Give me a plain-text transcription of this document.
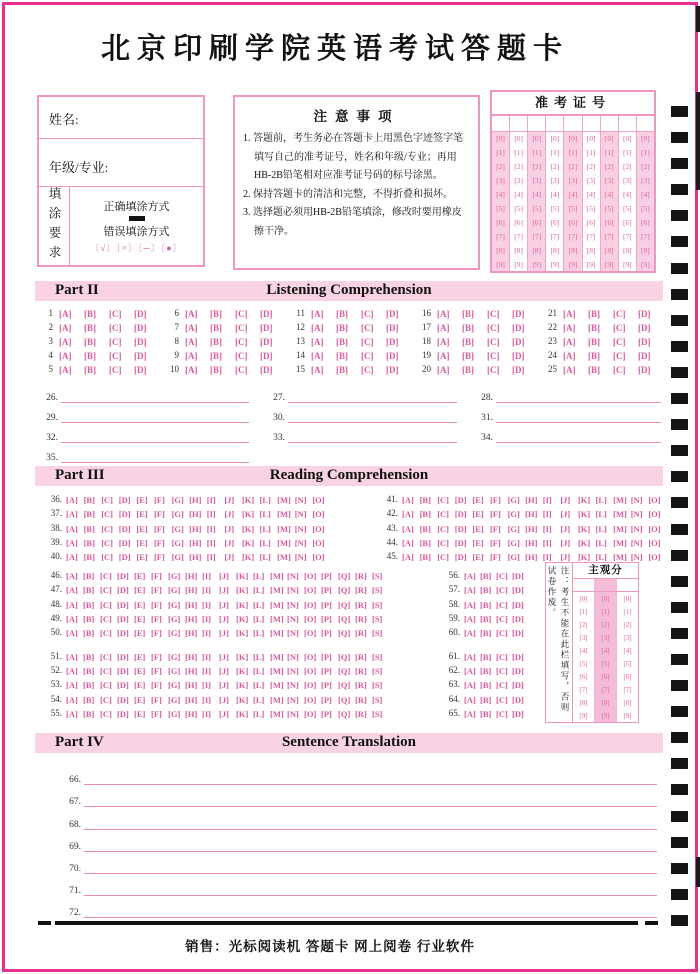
北京印刷学院英语考试答题卡
姓名:
年级/专业:
填涂要求	正确填涂方式
错误填涂方式
〔√〕〔×〕〔─〕〔●〕
注意事项
1. 答题前，考生务必在答题卡上用黑色字迹签字笔填写自己的准考证号，姓名和年级/专业；再用HB-2B铅笔相对应准考证号码的标号涂黑。
2. 保持答题卡的清洁和完整，不得折叠和损坏。
3. 选择题必须用HB-2B铅笔填涂，修改时要用橡皮擦干净。
准考证号
[0]	[0]	[0]	[0]	[0]	[0]	[0]	[0]	[0]
[1]	[1]	[1]	[1]	[1]	[1]	[1]	[1]	[1]
[2]	[2]	[2]	[2]	[2]	[2]	[2]	[2]	[2]
[3]	[3]	[3]	[3]	[3]	[3]	[3]	[3]	[3]
[4]	[4]	[4]	[4]	[4]	[4]	[4]	[4]	[4]
[5]	[5]	[5]	[5]	[5]	[5]	[5]	[5]	[5]
[6]	[6]	[6]	[6]	[6]	[6]	[6]	[6]	[6]
[7]	[7]	[7]	[7]	[7]	[7]	[7]	[7]	[7]
[8]	[8]	[8]	[8]	[8]	[8]	[8]	[8]	[8]
[9]	[9]	[9]	[9]	[9]	[9]	[9]	[9]	[9]
Part II	Listening Comprehension
1 [A] [B] [C] [D]
2 [A] [B] [C] [D]
3 [A] [B] [C] [D]
4 [A] [B] [C] [D]
5 [A] [B] [C] [D]
6 [A] [B] [C] [D]
7 [A] [B] [C] [D]
8 [A] [B] [C] [D]
9 [A] [B] [C] [D]
10 [A] [B] [C] [D]
11 [A] [B] [C] [D]
12 [A] [B] [C] [D]
13 [A] [B] [C] [D]
14 [A] [B] [C] [D]
15 [A] [B] [C] [D]
16 [A] [B] [C] [D]
17 [A] [B] [C] [D]
18 [A] [B] [C] [D]
19 [A] [B] [C] [D]
20 [A] [B] [C] [D]
21 [A] [B] [C] [D]
22 [A] [B] [C] [D]
23 [A] [B] [C] [D]
24 [A] [B] [C] [D]
25 [A] [B] [C] [D]
26.	27.	28.
29.	30.	31.
32.	33.	34.
35.
Part III	Reading Comprehension
36. [A] [B] [C] [D] [E] [F] [G] [H] [I] [J] [K] [L] [M] [N] [O]
37. [A] [B] [C] [D] [E] [F] [G] [H] [I] [J] [K] [L] [M] [N] [O]
38. [A] [B] [C] [D] [E] [F] [G] [H] [I] [J] [K] [L] [M] [N] [O]
39. [A] [B] [C] [D] [E] [F] [G] [H] [I] [J] [K] [L] [M] [N] [O]
40. [A] [B] [C] [D] [E] [F] [G] [H] [I] [J] [K] [L] [M] [N] [O]
41. [A] [B] [C] [D] [E] [F] [G] [H] [I] [J] [K] [L] [M] [N] [O]
42. [A] [B] [C] [D] [E] [F] [G] [H] [I] [J] [K] [L] [M] [N] [O]
43. [A] [B] [C] [D] [E] [F] [G] [H] [I] [J] [K] [L] [M] [N] [O]
44. [A] [B] [C] [D] [E] [F] [G] [H] [I] [J] [K] [L] [M] [N] [O]
45. [A] [B] [C] [D] [E] [F] [G] [H] [I] [J] [K] [L] [M] [N] [O]
46. [A] [B] [C] [D] [E] [F] [G] [H] [I] [J] [K] [L] [M] [N] [O] [P] [Q] [R] [S]
47. [A] [B] [C] [D] [E] [F] [G] [H] [I] [J] [K] [L] [M] [N] [O] [P] [Q] [R] [S]
48. [A] [B] [C] [D] [E] [F] [G] [H] [I] [J] [K] [L] [M] [N] [O] [P] [Q] [R] [S]
49. [A] [B] [C] [D] [E] [F] [G] [H] [I] [J] [K] [L] [M] [N] [O] [P] [Q] [R] [S]
50. [A] [B] [C] [D] [E] [F] [G] [H] [I] [J] [K] [L] [M] [N] [O] [P] [Q] [R] [S]
51. [A] [B] [C] [D] [E] [F] [G] [H] [I] [J] [K] [L] [M] [N] [O] [P] [Q] [R] [S]
52. [A] [B] [C] [D] [E] [F] [G] [H] [I] [J] [K] [L] [M] [N] [O] [P] [Q] [R] [S]
53. [A] [B] [C] [D] [E] [F] [G] [H] [I] [J] [K] [L] [M] [N] [O] [P] [Q] [R] [S]
54. [A] [B] [C] [D] [E] [F] [G] [H] [I] [J] [K] [L] [M] [N] [O] [P] [Q] [R] [S]
55. [A] [B] [C] [D] [E] [F] [G] [H] [I] [J] [K] [L] [M] [N] [O] [P] [Q] [R] [S]
56. [A] [B] [C] [D]
57. [A] [B] [C] [D]
58. [A] [B] [C] [D]
59. [A] [B] [C] [D]
60. [A] [B] [C] [D]
61. [A] [B] [C] [D]
62. [A] [B] [C] [D]
63. [A] [B] [C] [D]
64. [A] [B] [C] [D]
65. [A] [B] [C] [D]
注：考生不能在此栏填写，否则试卷作废。	主观分
[0]	[0]	[0]
[1]	[1]	[1]
[2]	[2]	[2]
[3]	[3]	[3]
[4]	[4]	[4]
[5]	[5]	[5]
[6]	[6]	[6]
[7]	[7]	[7]
[8]	[8]	[8]
[9]	[9]	[9]
Part IV	Sentence Translation
66.
67.
68.
69.
70.
71.
72.
销售：光标阅读机 答题卡 网上阅卷 行业软件
